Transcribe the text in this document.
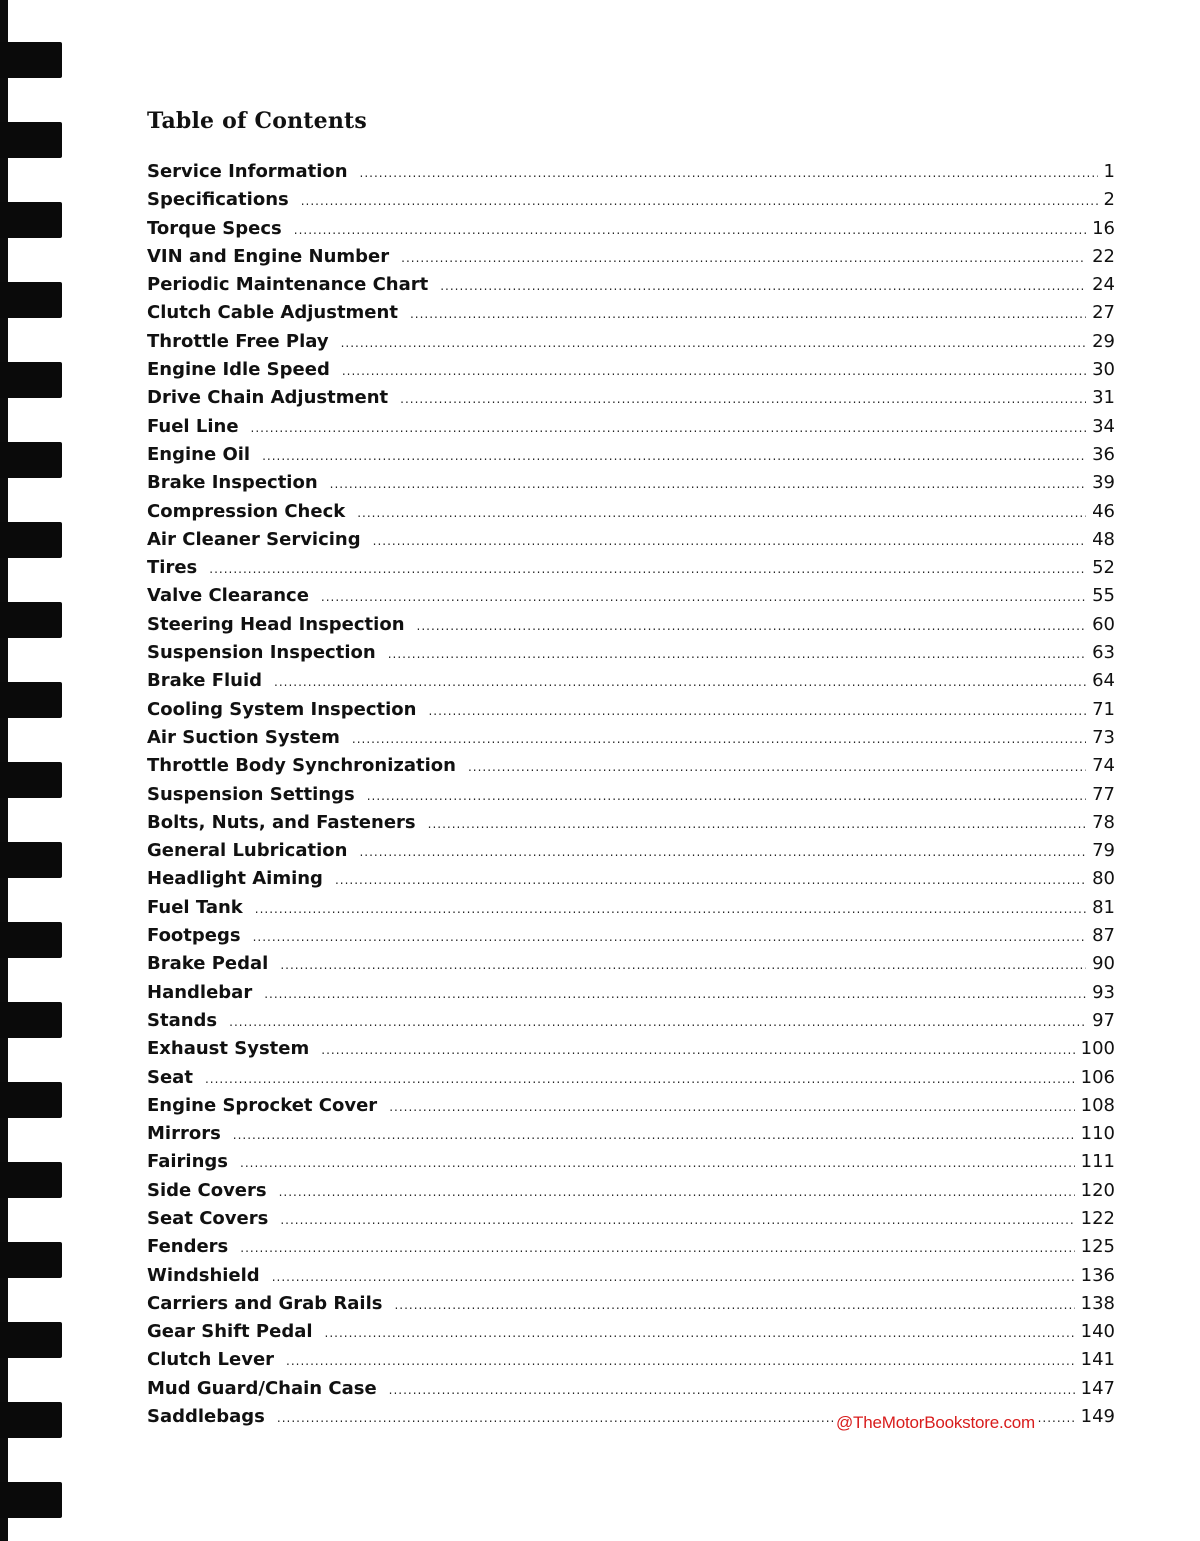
Table of Contents
Service Information .....	1
Specifications .....	2
Torque Specs .....	16
VIN and Engine Number .....	22
Periodic Maintenance Chart .....	24
Clutch Cable Adjustment .....	27
Throttle Free Play .....	29
Engine Idle Speed .....	30
Drive Chain Adjustment .....	31
Fuel Line .....	34
Engine Oil .....	36
Brake Inspection .....	39
Compression Check .....	46
Air Cleaner Servicing .....	48
Tires .....	52
Valve Clearance .....	55
Steering Head Inspection .....	60
Suspension Inspection .....	63
Brake Fluid .....	64
Cooling System Inspection .....	71
Air Suction System .....	73
Throttle Body Synchronization .....	74
Suspension Settings .....	77
Bolts, Nuts, and Fasteners .....	78
General Lubrication .....	79
Headlight Aiming .....	80
Fuel Tank .....	81
Footpegs .....	87
Brake Pedal .....	90
Handlebar .....	93
Stands .....	97
Exhaust System .....	100
Seat .....	106
Engine Sprocket Cover .....	108
Mirrors .....	110
Fairings .....	111
Side Covers .....	120
Seat Covers .....	122
Fenders .....	125
Windshield .....	136
Carriers and Grab Rails .....	138
Gear Shift Pedal .....	140
Clutch Lever .....	141
Mud Guard/Chain Case .....	147
Saddlebags .....	149
@TheMotorBookstore.com
